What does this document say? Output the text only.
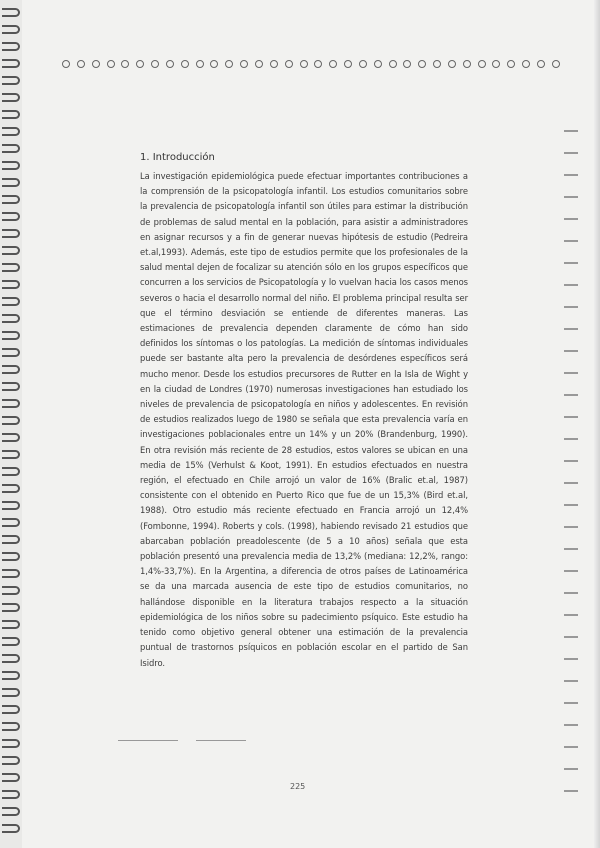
1. Introducción

La investigación epidemiológica puede efectuar importantes contribuciones a la comprensión de la psicopatología infantil. Los estudios comunitarios sobre la prevalencia de psicopatología infantil son útiles para estimar la distribución de problemas de salud mental en la población, para asistir a administradores en asignar recursos y a fin de generar nuevas hipótesis de estudio (Pedreira et.al,1993). Además, este tipo de estudios permite que los profesionales de la salud mental dejen de focalizar su atención sólo en los grupos específicos que concurren a los servicios de Psicopatología y lo vuelvan hacia los casos menos severos o hacia el desarrollo normal del niño. El problema principal resulta ser que el término desviación se entiende de diferentes maneras. Las estimaciones de prevalencia dependen claramente de cómo han sido definidos los síntomas o los patologías. La medición de síntomas individuales puede ser bastante alta pero la prevalencia de desórdenes específicos será mucho menor. Desde los estudios precursores de Rutter en la Isla de Wight y en la ciudad de Londres (1970) numerosas investigaciones han estudiado los niveles de prevalencia de psicopatología en niños y adolescentes. En revisión de estudios realizados luego de 1980 se señala que esta prevalencia varía en investigaciones poblacionales entre un 14% y un 20% (Brandenburg, 1990). En otra revisión más reciente de 28 estudios, estos valores se ubican en una media de 15% (Verhulst & Koot, 1991). En estudios efectuados en nuestra región, el efectuado en Chile arrojó un valor de 16% (Bralic et.al, 1987) consistente con el obtenido en Puerto Rico que fue de un 15,3% (Bird et.al, 1988). Otro estudio más reciente efectuado en Francia arrojó un 12,4% (Fombonne, 1994). Roberts y cols. (1998), habiendo revisado 21 estudios que abarcaban población preadolescente (de 5 a 10 años) señala que esta población presentó una prevalencia media de 13,2% (mediana: 12,2%, rango: 1,4%-33,7%). En la Argentina, a diferencia de otros países de Latinoamérica se da una marcada ausencia de este tipo de estudios comunitarios, no hallándose disponible en la literatura trabajos respecto a la situación epidemiológica de los niños sobre su padecimiento psíquico. Este estudio ha tenido como objetivo general obtener una estimación de la prevalencia puntual de trastornos psíquicos en población escolar en el partido de San Isidro.

225
